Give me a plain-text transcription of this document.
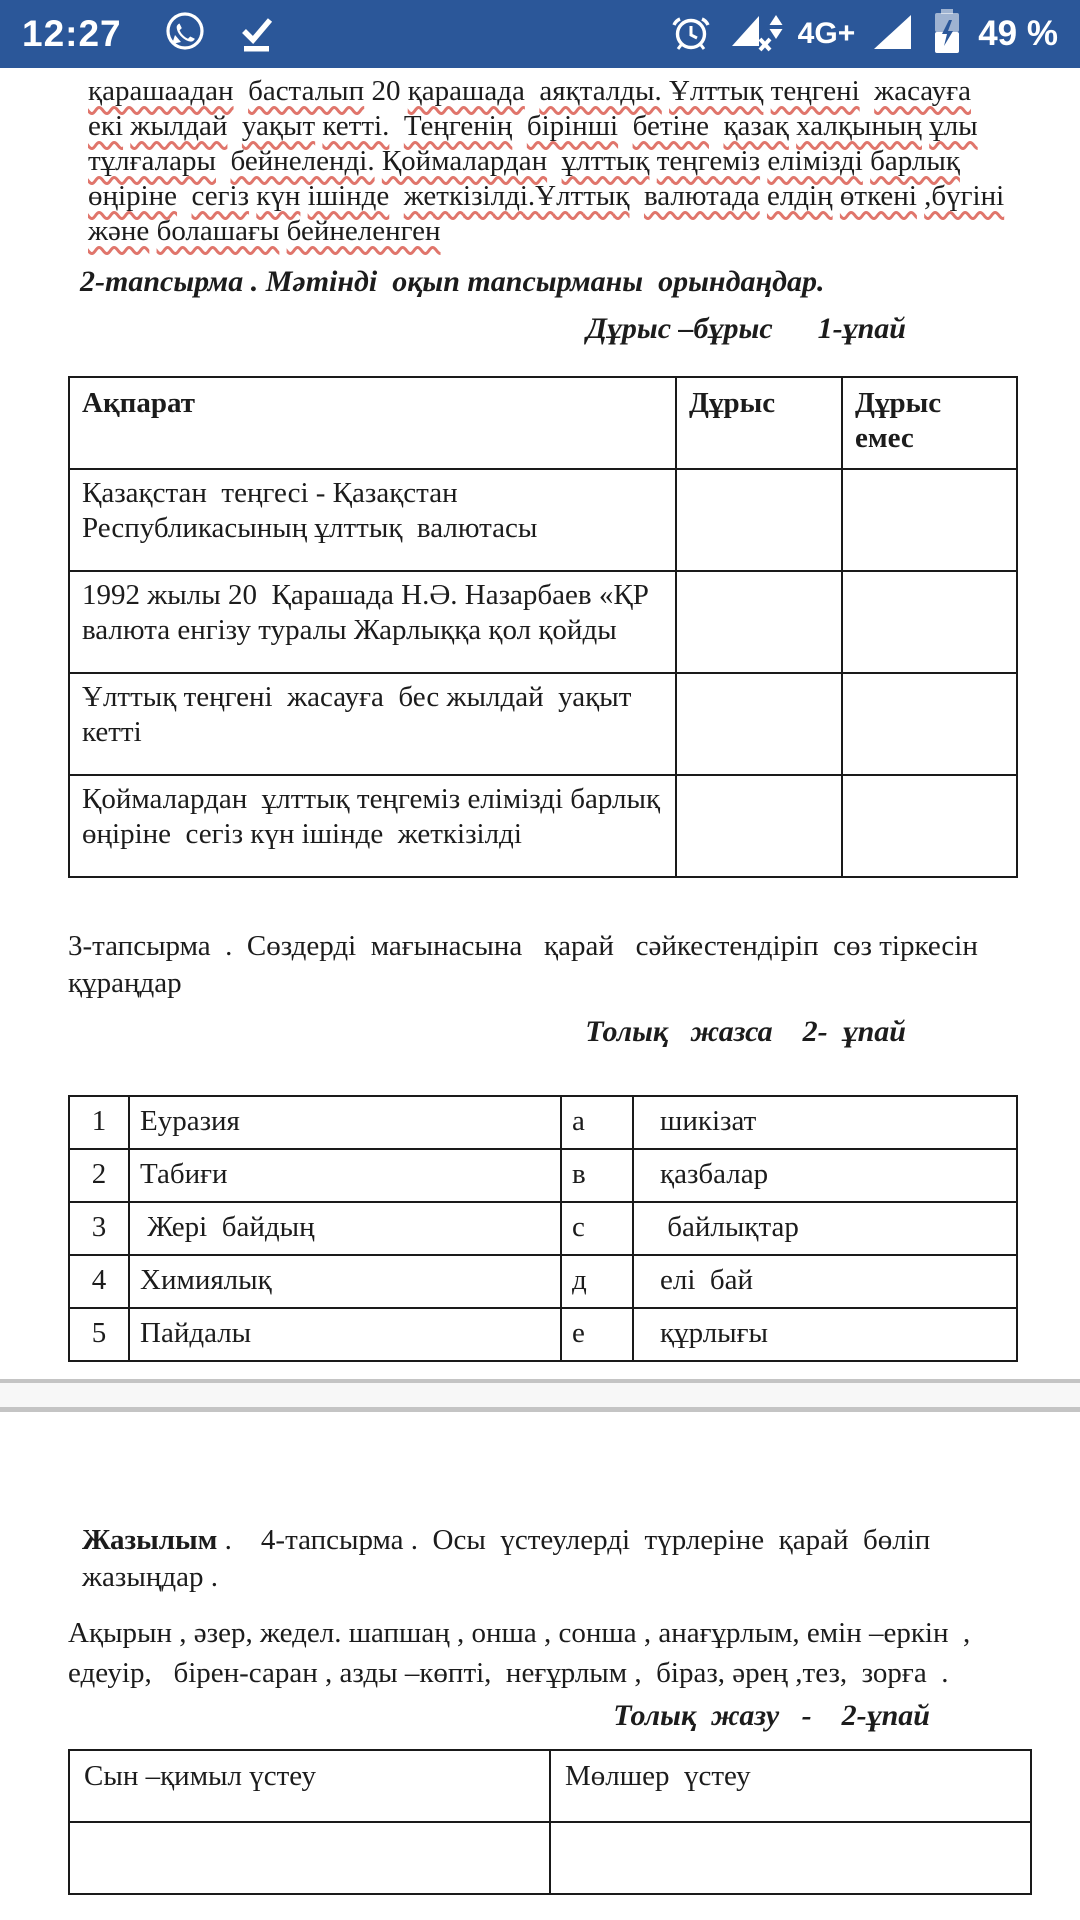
12:27	4G+	49 %
қарашаадан басталып 20 қарашада аяқталды. Ұлттық теңгені жасауға  екі жылдай уақыт кетті. Теңгенің бірінші бетіне қазақ халқының ұлы тұлғалары бейнеленді. Қоймалардан ұлттық теңгеміз елімізді барлық өңіріне сегіз күн ішінде жеткізілді.Ұлттық валютада елдің өткені ,бүгіні және болашағы бейнеленген
2-тапсырма . Мәтінді  оқып тапсырманы  орындаңдар.
Дұрыс –бұрыс      1-ұпай
Ақпарат	Дұрыс	Дұрыс емес
Қазақстан  теңгесі - Қазақстан Республикасының ұлттық  валютасы		
1992 жылы 20  Қарашада Н.Ә. Назарбаев «ҚР валюта енгізу туралы Жарлыққа қол қойды		
Ұлттық теңгені  жасауға  бес жылдай  уақыт кетті		
Қоймалардан  ұлттық теңгеміз елімізді барлық өңіріне  сегіз күн ішінде  жеткізілді		
3-тапсырма  .  Сөздерді  мағынасына   қарай   сәйкестендіріп  сөз тіркесін құраңдар
Толық   жазса    2-  ұпай
1	Еуразия	а	шикізат
2	Табиғи	в	қазбалар
3	Жері  байдың	с	байлықтар
4	Химиялық	д	елі  бай
5	Пайдалы	е	құрлығы
Жазылым .    4-тапсырма .  Осы  үстеулерді  түрлеріне  қарай  бөліп жазыңдар .
Ақырын , әзер, жедел. шапшаң , онша , сонша , анағұрлым, емін –еркін  , едеуір,   бірен-саран , азды –көпті,  неғұрлым ,  біраз, әрең ,тез,  зорға  .
Толық  жазу   -    2-ұпай
Сын –қимыл үстеу	Мөлшер  үстеу
